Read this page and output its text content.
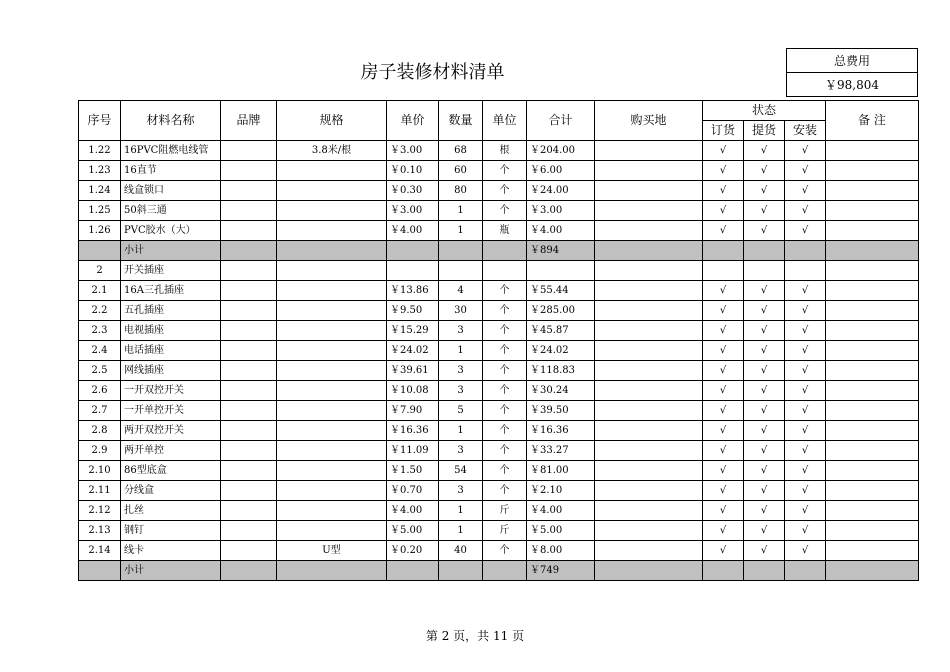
房子装修材料清单
总费用
￥98,804
序号	材料名称	品牌	规格	单价	数量	单位	合计	购买地	状态			备 注
									订货	提货	安装	
1.22	16PVC阻燃电线管		3.8米/根	￥3.00	68	根	￥204.00		√	√	√	
1.23	16直节			￥0.10	60	个	￥6.00		√	√	√	
1.24	线盒锁口			￥0.30	80	个	￥24.00		√	√	√	
1.25	50斜三通			￥3.00	1	个	￥3.00		√	√	√	
1.26	PVC胶水（大）			￥4.00	1	瓶	￥4.00		√	√	√	
	小计						￥894					
2	开关插座											
2.1	16A三孔插座			￥13.86	4	个	￥55.44		√	√	√	
2.2	五孔插座			￥9.50	30	个	￥285.00		√	√	√	
2.3	电视插座			￥15.29	3	个	￥45.87		√	√	√	
2.4	电话插座			￥24.02	1	个	￥24.02		√	√	√	
2.5	网线插座			￥39.61	3	个	￥118.83		√	√	√	
2.6	一开双控开关			￥10.08	3	个	￥30.24		√	√	√	
2.7	一开单控开关			￥7.90	5	个	￥39.50		√	√	√	
2.8	两开双控开关			￥16.36	1	个	￥16.36		√	√	√	
2.9	两开单控			￥11.09	3	个	￥33.27		√	√	√	
2.10	86型底盒			￥1.50	54	个	￥81.00		√	√	√	
2.11	分线盒			￥0.70	3	个	￥2.10		√	√	√	
2.12	扎丝			￥4.00	1	斤	￥4.00		√	√	√	
2.13	钢钉			￥5.00	1	斤	￥5.00		√	√	√	
2.14	线卡		U型	￥0.20	40	个	￥8.00		√	√	√	
	小计						￥749					
第 2 页，共 11 页
